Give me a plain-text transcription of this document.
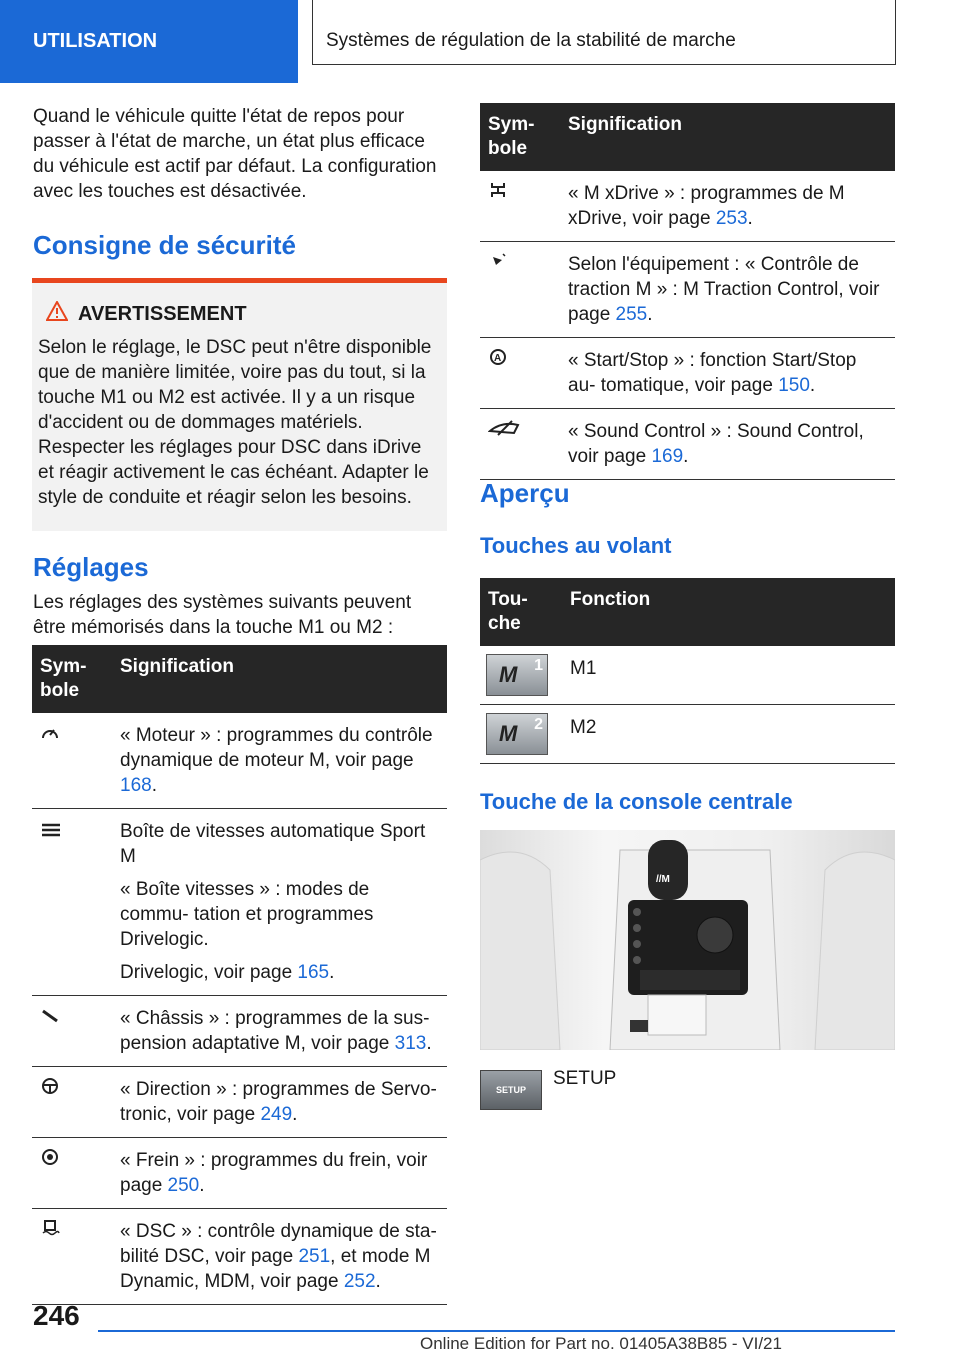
UTILISATION	Systèmes de régulation de la stabilité de marche

Quand le véhicule quitte l'état de repos pour passer à l'état de marche, un état plus efficace du véhicule est actif par défaut. La configuration avec les touches est désactivée.

Consigne de sécurité
AVERTISSEMENT

Selon le réglage, le DSC peut n'être disponible que de manière limitée, voire pas du tout, si la touche M1 ou M2 est activée. Il y a un risque d'accident ou de dommages matériels. Respecter les réglages pour DSC dans iDrive et réagir activement le cas échéant. Adapter le style de conduite et réagir selon les besoins.

Réglages

Les réglages des systèmes suivants peuvent être mémorisés dans la touche M1 ou M2 :

Sym‐ bole	Signification
	« Moteur » : programmes du contrôle dynamique de moteur M, voir page 168.

Boîte de vitesses automatique Sport M
« Boîte vitesses » : modes de commu‐ tation et programmes Drivelogic.
Drivelogic, voir page 165.

	« Châssis » : programmes de la sus‐ pension adaptative M, voir page 313.
	« Direction » : programmes de Servo‐ tronic, voir page 249.
	« Frein » : programmes du frein, voir page 250.
	« DSC » : contrôle dynamique de sta‐ bilité DSC, voir page 251, et mode M Dynamic, MDM, voir page 252.
Sym‐ bole	Signification
	« M xDrive » : programmes de M xDrive, voir page 253.
	Selon l'équipement : « Contrôle de traction M » : M Traction Control, voir page 255.

A	« Start/Stop » : fonction Start/Stop au‐ tomatique, voir page 150.
	« Sound Control » : Sound Control, voir page 169.
Aperçu
Touches au volant
Tou‐ che	Fonction

M 1	M1

M 2	M2
Touche de la console centrale
//M
SETUP
SETUP
246
Online Edition for Part no. 01405A38B85 - VI/21
